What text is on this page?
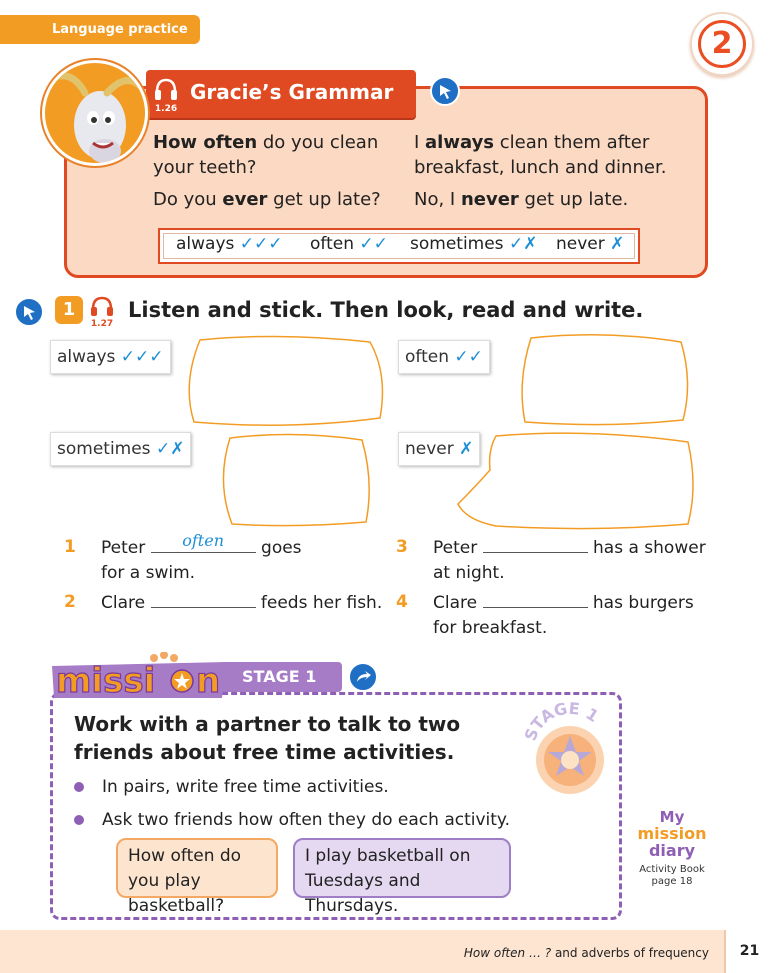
Language practice 1	2
1.26
Gracie’s Grammar
How often do you clean your teeth?
I always clean them after breakfast, lunch and dinner.
Do you ever get up late?	No, I never get up late.
always ✓✓✓ often ✓✓ sometimes ✓✗ never ✗
1
1.27
Listen and stick. Then look, read and write.
always ✓✓✓	often ✓✓
sometimes ✓✗	never ✗
1 Peter	often	goes
for a swim.
2 Clare	feeds her fish.
3 Peter	has a shower
at night.
4 Clare	has burgers
for breakfast.
STAGE 1
missi n
Work with a partner to talk to two friends about free time activities.
In pairs, write free time activities.
Ask two friends how often they do each activity.
STAGE 1
How often do you play basketball?
I play basketball on Tuesdays and Thursdays.
My
mission
diary
Activity Book page 18
How often … ? and adverbs of frequency	21
